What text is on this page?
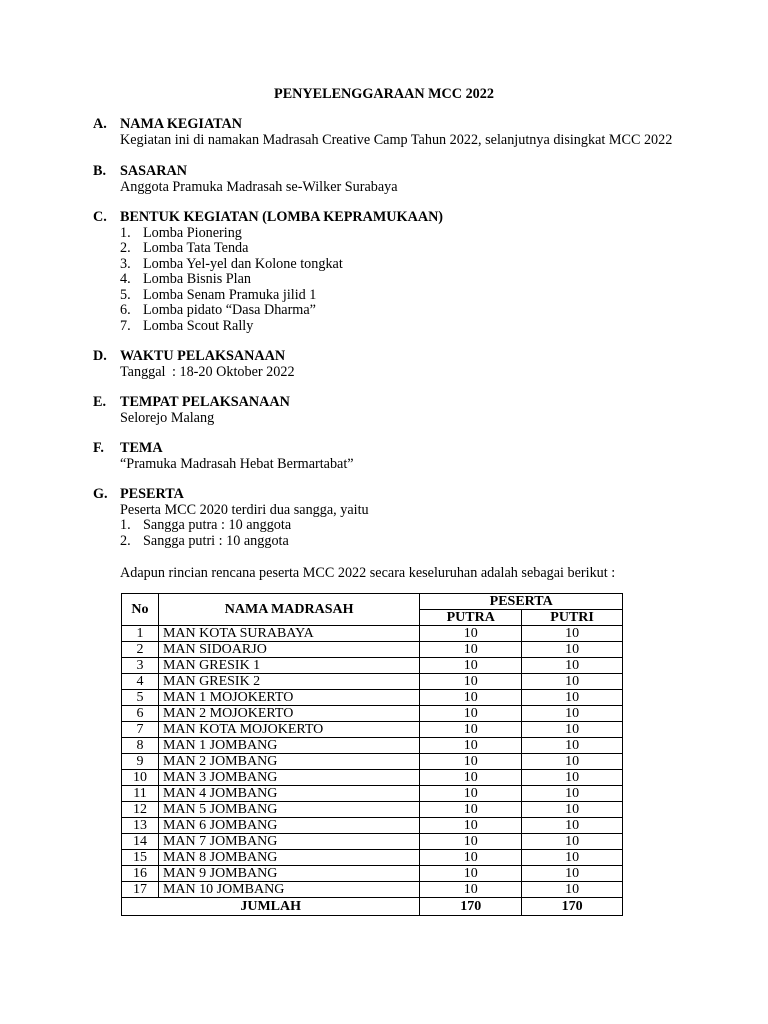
PENYELENGGARAAN MCC 2022
A. NAMA KEGIATAN
Kegiatan ini di namakan Madrasah Creative Camp Tahun 2022, selanjutnya disingkat MCC 2022
B. SASARAN
Anggota Pramuka Madrasah se-Wilker Surabaya
C. BENTUK KEGIATAN (LOMBA KEPRAMUKAAN)
1. Lomba Pionering
2. Lomba Tata Tenda
3. Lomba Yel-yel dan Kolone tongkat
4. Lomba Bisnis Plan
5. Lomba Senam Pramuka jilid 1
6. Lomba pidato “Dasa Dharma”
7. Lomba Scout Rally
D. WAKTU PELAKSANAAN
Tanggal : 18-20 Oktober 2022
E. TEMPAT PELAKSANAAN
Selorejo Malang
F. TEMA
“Pramuka Madrasah Hebat Bermartabat”
G. PESERTA
Peserta MCC 2020 terdiri dua sangga, yaitu
1. Sangga putra : 10 anggota
2. Sangga putri : 10 anggota
Adapun rincian rencana peserta MCC 2022 secara keseluruhan adalah sebagai berikut :
No	NAMA MADRASAH	PESERTA	
		PUTRA	PUTRI
1	MAN KOTA SURABAYA	10	10
2	MAN SIDOARJO	10	10
3	MAN GRESIK 1	10	10
4	MAN GRESIK 2	10	10
5	MAN 1 MOJOKERTO	10	10
6	MAN 2 MOJOKERTO	10	10
7	MAN KOTA MOJOKERTO	10	10
8	MAN 1 JOMBANG	10	10
9	MAN 2 JOMBANG	10	10
10	MAN 3 JOMBANG	10	10
11	MAN 4 JOMBANG	10	10
12	MAN 5 JOMBANG	10	10
13	MAN 6 JOMBANG	10	10
14	MAN 7 JOMBANG	10	10
15	MAN 8 JOMBANG	10	10
16	MAN 9 JOMBANG	10	10
17	MAN 10 JOMBANG	10	10
JUMLAH		170	170
